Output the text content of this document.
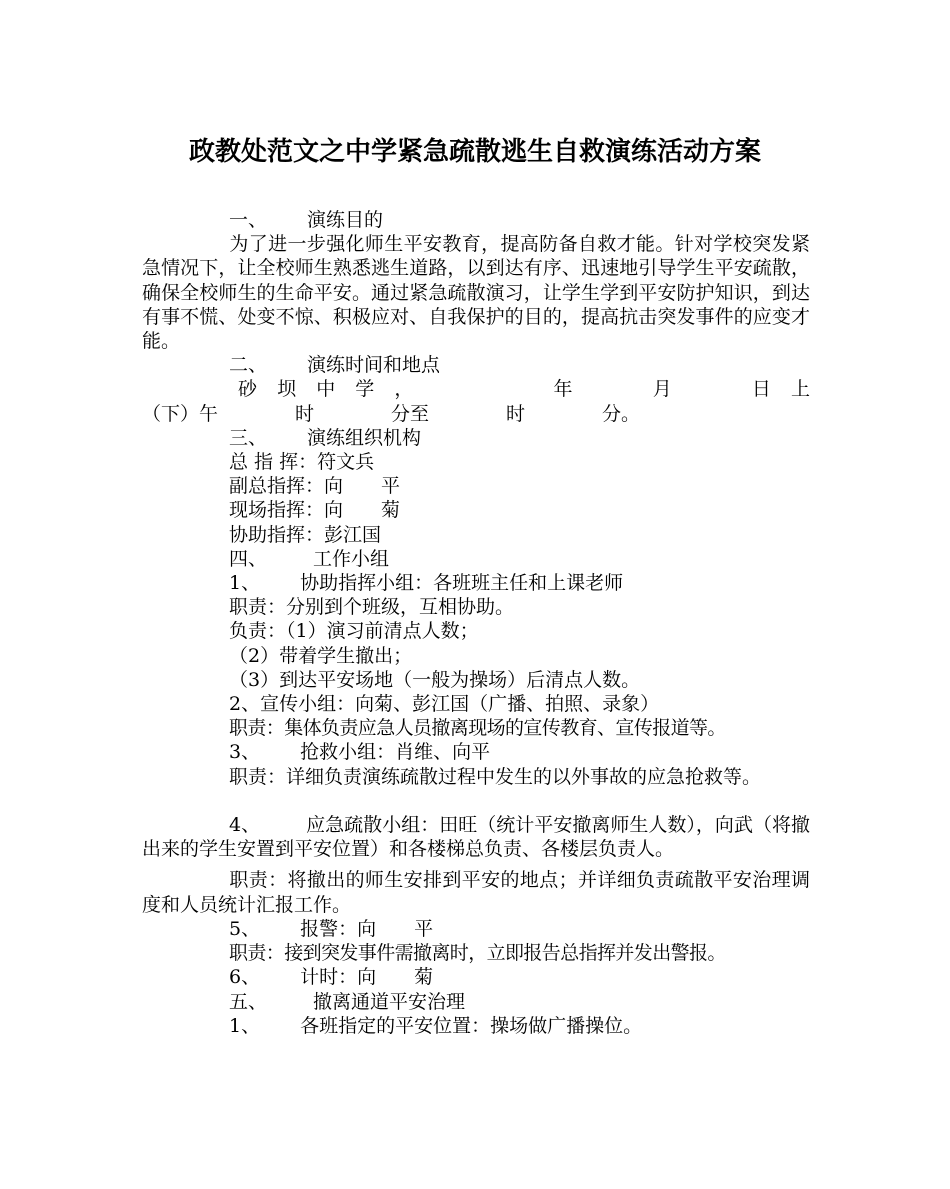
政教处范文之中学紧急疏散逃生自救演练活动方案

一、 演练目的

为了进一步强化师生平安教育，提高防备自救才能。针对学校突发紧急情况下，让全校师生熟悉逃生道路，以到达有序、迅速地引导学生平安疏散，确保全校师生的生命平安。通过紧急疏散演习，让学生学到平安防护知识，到达有事不慌、处变不惊、积极应对、自我保护的目的，提高抗击突发事件的应变才能。

二、 演练时间和地点

砂 坝 中 学 ，	年	月	日 上
（下）午	时	分至	时	分。

三、 演练组织机构

总 指 挥：符文兵

副总指挥：向　　平

现场指挥：向　　菊

协助指挥：彭江国

四、 工作小组

1、 协助指挥小组：各班班主任和上课老师

职责：分别到个班级，互相协助。

负责：（1）演习前清点人数；

（2）带着学生撤出；

（3）到达平安场地（一般为操场）后清点人数。

2、宣传小组：向菊、彭江国（广播、拍照、录象）

职责：集体负责应急人员撤离现场的宣传教育、宣传报道等。

3、 抢救小组：肖维、向平

职责：详细负责演练疏散过程中发生的以外事故的应急抢救等。

4、 应急疏散小组：田旺（统计平安撤离师生人数），向武（将撤出来的学生安置到平安位置）和各楼梯总负责、各楼层负责人。

职责：将撤出的师生安排到平安的地点；并详细负责疏散平安治理调度和人员统计汇报工作。

5、 报警：向　　平

职责：接到突发事件需撤离时，立即报告总指挥并发出警报。

6、 计时：向　　菊

五、 撤离通道平安治理

1、 各班指定的平安位置：操场做广播操位。
